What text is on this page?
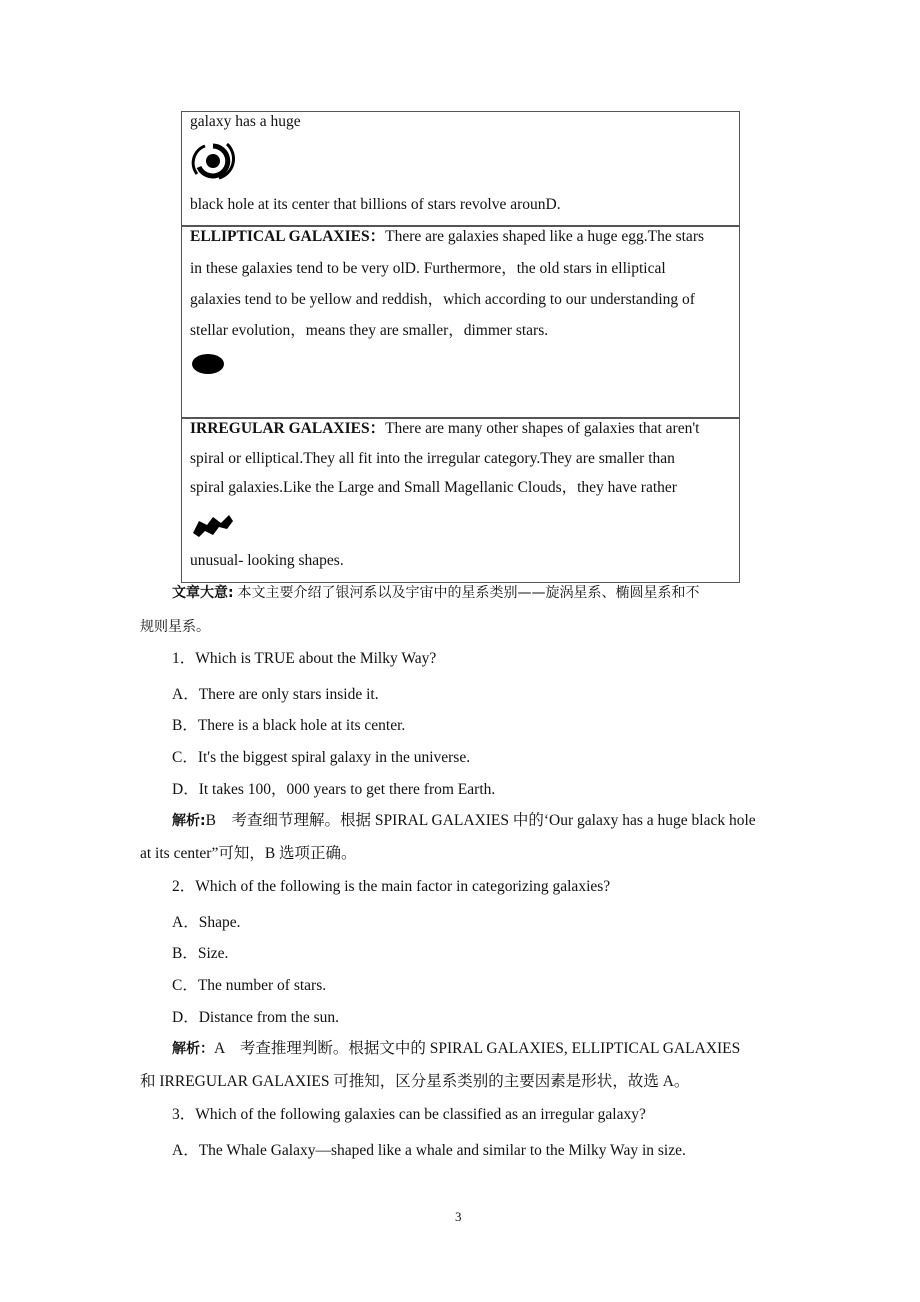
galaxy has a huge
black hole at its center that billions of stars revolve arounD.
ELLIPTICAL GALAXIES：There are galaxies shaped like a huge egg.The stars
in these galaxies tend to be very olD. Furthermore，the old stars in elliptical
galaxies tend to be yellow and reddish，which according to our understanding of
stellar evolution，means they are smaller，dimmer stars.
IRREGULAR GALAXIES：There are many other shapes of galaxies that aren't
spiral or elliptical.They all fit into the irregular category.They are smaller than
spiral galaxies.Like the Large and Small Magellanic Clouds，they have rather
unusual- looking shapes.
文章大意: 本文主要介绍了银河系以及宇宙中的星系类别——旋涡星系、椭圆星系和不
规则星系。
1．Which is TRUE about the Milky Way?
A．There are only stars inside it.
B．There is a black hole at its center.
C．It's the biggest spiral galaxy in the universe.
D．It takes 100，000 years to get there from Earth.
解析:B　考查细节理解。根据 SPIRAL GALAXIES 中的‘Our galaxy has a huge black hole
at its center”可知，B 选项正确。
2．Which of the following is the main factor in categorizing galaxies?
A．Shape.
B．Size.
C．The number of stars.
D．Distance from the sun.
解析：A　考查推理判断。根据文中的 SPIRAL GALAXIES, ELLIPTICAL GALAXIES
和 IRREGULAR GALAXIES 可推知，区分星系类别的主要因素是形状，故选 A。
3．Which of the following galaxies can be classified as an irregular galaxy?
A．The Whale Galaxy—shaped like a whale and similar to the Milky Way in size.
3
